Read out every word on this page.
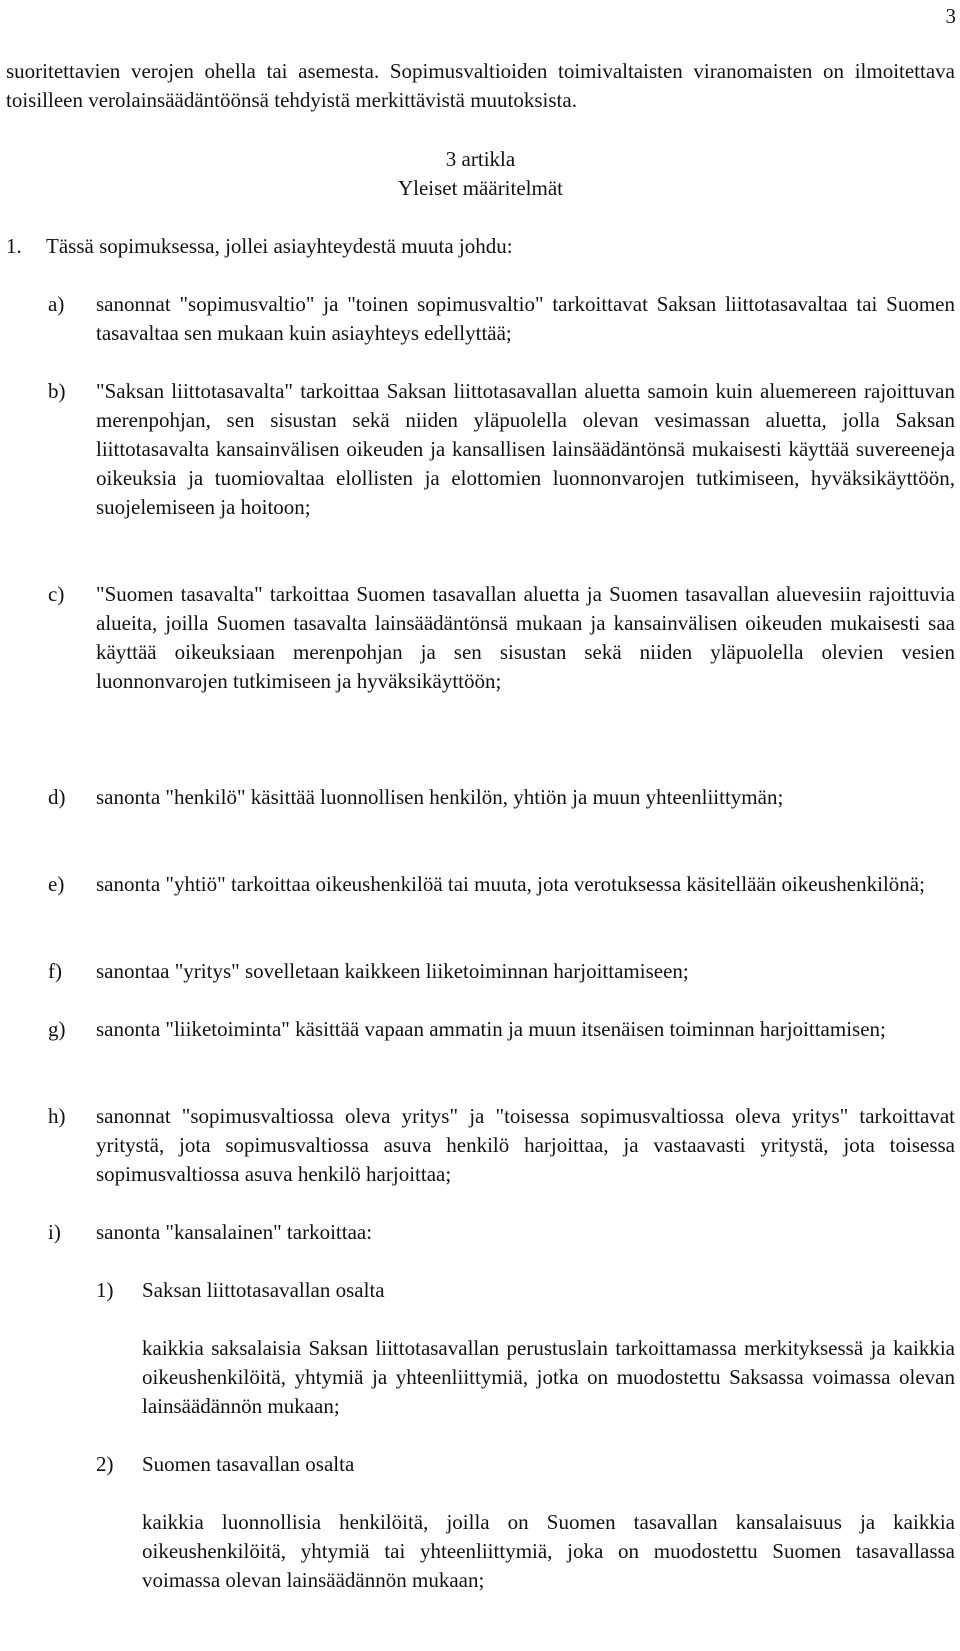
3
suoritettavien verojen ohella tai asemesta. Sopimusvaltioiden toimivaltaisten viranomaisten on ilmoitettava toisilleen verolainsäädäntöönsä tehdyistä merkittävistä muutoksista.
3 artikla
Yleiset määritelmät
1. Tässä sopimuksessa, jollei asiayhteydestä muuta johdu:
a) sanonnat "sopimusvaltio" ja "toinen sopimusvaltio" tarkoittavat Saksan liittotasavaltaa tai Suomen tasavaltaa sen mukaan kuin asiayhteys edellyttää;
b) "Saksan liittotasavalta" tarkoittaa Saksan liittotasavallan aluetta samoin kuin aluemereen rajoittuvan merenpohjan, sen sisustan sekä niiden yläpuolella olevan vesimassan aluetta, jolla Saksan liittotasavalta kansainvälisen oikeuden ja kansallisen lainsäädäntönsä mukaisesti käyttää suvereeneja oikeuksia ja tuomiovaltaa elollisten ja elottomien luonnonvarojen tutkimiseen, hyväksikäyttöön, suojelemiseen ja hoitoon;
c) "Suomen tasavalta" tarkoittaa Suomen tasavallan aluetta ja Suomen tasavallan aluevesiin rajoittuvia alueita, joilla Suomen tasavalta lainsäädäntönsä mukaan ja kansainvälisen oikeuden mukaisesti saa käyttää oikeuksiaan merenpohjan ja sen sisustan sekä niiden yläpuolella olevien vesien luonnonvarojen tutkimiseen ja hyväksikäyttöön;
d) sanonta "henkilö" käsittää luonnollisen henkilön, yhtiön ja muun yhteenliittymän;
e) sanonta "yhtiö" tarkoittaa oikeushenkilöä tai muuta, jota verotuksessa käsitellään oikeushenkilönä;
f) sanontaa "yritys" sovelletaan kaikkeen liiketoiminnan harjoittamiseen;
g) sanonta "liiketoiminta" käsittää vapaan ammatin ja muun itsenäisen toiminnan harjoittamisen;
h) sanonnat "sopimusvaltiossa oleva yritys" ja "toisessa sopimusvaltiossa oleva yritys" tarkoittavat yritystä, jota sopimusvaltiossa asuva henkilö harjoittaa, ja vastaavasti yritystä, jota toisessa sopimusvaltiossa asuva henkilö harjoittaa;
i) sanonta "kansalainen" tarkoittaa:
1) Saksan liittotasavallan osalta
kaikkia saksalaisia Saksan liittotasavallan perustuslain tarkoittamassa merkityksessä ja kaikkia oikeushenkilöitä, yhtymiä ja yhteenliittymiä, jotka on muodostettu Saksassa voimassa olevan lainsäädännön mukaan;
2) Suomen tasavallan osalta
kaikkia luonnollisia henkilöitä, joilla on Suomen tasavallan kansalaisuus ja kaikkia oikeushenkilöitä, yhtymiä tai yhteenliittymiä, joka on muodostettu Suomen tasavallassa voimassa olevan lainsäädännön mukaan;
